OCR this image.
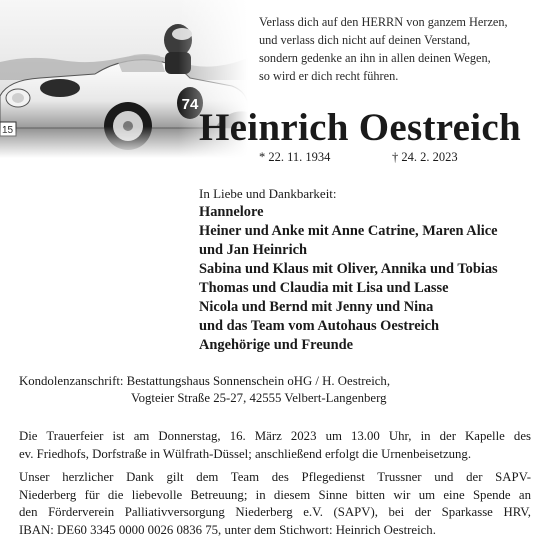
Verlass dich auf den HERRN von ganzem Herzen,
und verlass dich nicht auf deinen Verstand,
sondern gedenke an ihn in allen deinen Wegen,
so wird er dich recht führen.
Heinrich Oestreich
* 22. 11. 1934	† 24. 2. 2023
In Liebe und Dankbarkeit:
Hannelore
Heiner und Anke mit Anne Catrine, Maren Alice
und Jan Heinrich
Sabina und Klaus mit Oliver, Annika und Tobias
Thomas und Claudia mit Lisa und Lasse
Nicola und Bernd mit Jenny und Nina
und das Team vom Autohaus Oestreich
Angehörige und Freunde
Kondolenzanschrift: Bestattungshaus Sonnenschein oHG / H. Oestreich,
Vogteier Straße 25-27, 42555 Velbert-Langenberg
Die Trauerfeier ist am Donnerstag, 16. März 2023 um 13.00 Uhr, in der Kapelle des
ev. Friedhofs, Dorfstraße in Wülfrath-Düssel; anschließend erfolgt die Urnenbeisetzung.
Unser herzlicher Dank gilt dem Team des Pflegedienst Trussner und der SAPV-
Niederberg für die liebevolle Betreuung; in diesem Sinne bitten wir um eine Spende an
den Förderverein Palliativversorgung Niederberg e.V. (SAPV), bei der Sparkasse HRV,
IBAN: DE60 3345 0000 0026 0836 75, unter dem Stichwort: Heinrich Oestreich.
